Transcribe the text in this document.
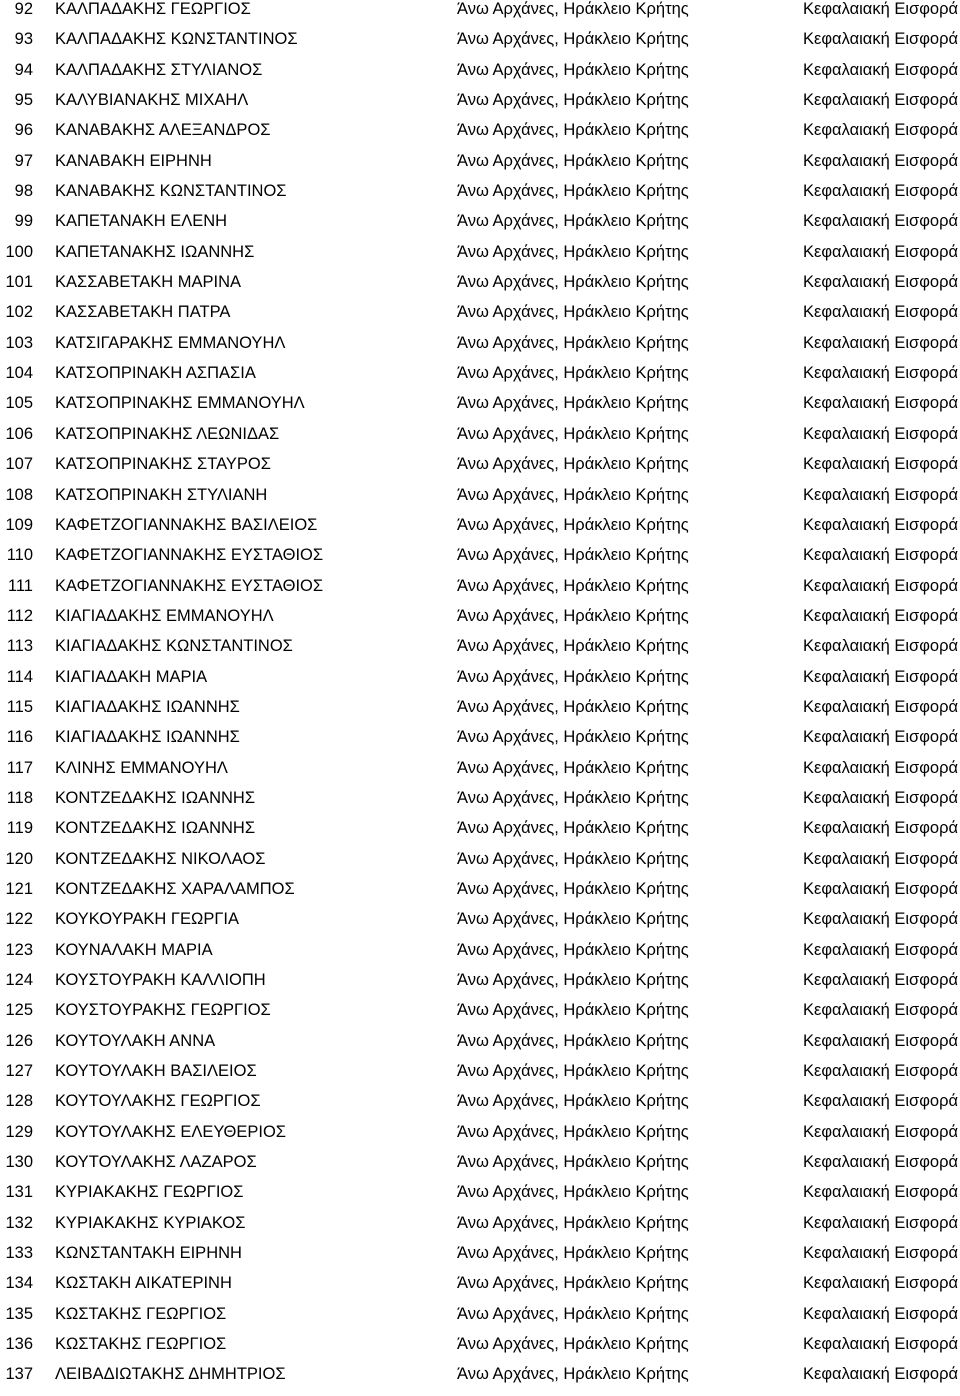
92 ΚΑΛΠΑΔΑΚΗΣ ΓΕΩΡΓΙΟΣ	Άνω Αρχάνες, Ηράκλειο Κρήτης	Κεφαλαιακή Εισφορά
93 ΚΑΛΠΑΔΑΚΗΣ ΚΩΝΣΤΑΝΤΙΝΟΣ	Άνω Αρχάνες, Ηράκλειο Κρήτης	Κεφαλαιακή Εισφορά
94 ΚΑΛΠΑΔΑΚΗΣ ΣΤΥΛΙΑΝΟΣ	Άνω Αρχάνες, Ηράκλειο Κρήτης	Κεφαλαιακή Εισφορά
95 ΚΑΛΥΒΙΑΝΑΚΗΣ ΜΙΧΑΗΛ	Άνω Αρχάνες, Ηράκλειο Κρήτης	Κεφαλαιακή Εισφορά
96 ΚΑΝΑΒΑΚΗΣ ΑΛΕΞΑΝΔΡΟΣ	Άνω Αρχάνες, Ηράκλειο Κρήτης	Κεφαλαιακή Εισφορά
97 ΚΑΝΑΒΑΚΗ ΕΙΡΗΝΗ	Άνω Αρχάνες, Ηράκλειο Κρήτης	Κεφαλαιακή Εισφορά
98 ΚΑΝΑΒΑΚΗΣ ΚΩΝΣΤΑΝΤΙΝΟΣ	Άνω Αρχάνες, Ηράκλειο Κρήτης	Κεφαλαιακή Εισφορά
99 ΚΑΠΕΤΑΝΑΚΗ ΕΛΕΝΗ	Άνω Αρχάνες, Ηράκλειο Κρήτης	Κεφαλαιακή Εισφορά
100 ΚΑΠΕΤΑΝΑΚΗΣ ΙΩΑΝΝΗΣ	Άνω Αρχάνες, Ηράκλειο Κρήτης	Κεφαλαιακή Εισφορά
101 ΚΑΣΣΑΒΕΤΑΚΗ ΜΑΡΙΝΑ	Άνω Αρχάνες, Ηράκλειο Κρήτης	Κεφαλαιακή Εισφορά
102 ΚΑΣΣΑΒΕΤΑΚΗ ΠΑΤΡΑ	Άνω Αρχάνες, Ηράκλειο Κρήτης	Κεφαλαιακή Εισφορά
103 ΚΑΤΣΙΓΑΡΑΚΗΣ ΕΜΜΑΝΟΥΗΛ	Άνω Αρχάνες, Ηράκλειο Κρήτης	Κεφαλαιακή Εισφορά
104 ΚΑΤΣΟΠΡΙΝΑΚΗ ΑΣΠΑΣΙΑ	Άνω Αρχάνες, Ηράκλειο Κρήτης	Κεφαλαιακή Εισφορά
105 ΚΑΤΣΟΠΡΙΝΑΚΗΣ ΕΜΜΑΝΟΥΗΛ	Άνω Αρχάνες, Ηράκλειο Κρήτης	Κεφαλαιακή Εισφορά
106 ΚΑΤΣΟΠΡΙΝΑΚΗΣ ΛΕΩΝΙΔΑΣ	Άνω Αρχάνες, Ηράκλειο Κρήτης	Κεφαλαιακή Εισφορά
107 ΚΑΤΣΟΠΡΙΝΑΚΗΣ ΣΤΑΥΡΟΣ	Άνω Αρχάνες, Ηράκλειο Κρήτης	Κεφαλαιακή Εισφορά
108 ΚΑΤΣΟΠΡΙΝΑΚΗ ΣΤΥΛΙΑΝΗ	Άνω Αρχάνες, Ηράκλειο Κρήτης	Κεφαλαιακή Εισφορά
109 ΚΑΦΕΤΖΟΓΙΑΝΝΑΚΗΣ ΒΑΣΙΛΕΙΟΣ	Άνω Αρχάνες, Ηράκλειο Κρήτης	Κεφαλαιακή Εισφορά
110 ΚΑΦΕΤΖΟΓΙΑΝΝΑΚΗΣ ΕΥΣΤΑΘΙΟΣ	Άνω Αρχάνες, Ηράκλειο Κρήτης	Κεφαλαιακή Εισφορά
111 ΚΑΦΕΤΖΟΓΙΑΝΝΑΚΗΣ ΕΥΣΤΑΘΙΟΣ	Άνω Αρχάνες, Ηράκλειο Κρήτης	Κεφαλαιακή Εισφορά
112 ΚΙΑΓΙΑΔΑΚΗΣ ΕΜΜΑΝΟΥΗΛ	Άνω Αρχάνες, Ηράκλειο Κρήτης	Κεφαλαιακή Εισφορά
113 ΚΙΑΓΙΑΔΑΚΗΣ ΚΩΝΣΤΑΝΤΙΝΟΣ	Άνω Αρχάνες, Ηράκλειο Κρήτης	Κεφαλαιακή Εισφορά
114 ΚΙΑΓΙΑΔΑΚΗ ΜΑΡΙΑ	Άνω Αρχάνες, Ηράκλειο Κρήτης	Κεφαλαιακή Εισφορά
115 ΚΙΑΓΙΑΔΑΚΗΣ ΙΩΑΝΝΗΣ	Άνω Αρχάνες, Ηράκλειο Κρήτης	Κεφαλαιακή Εισφορά
116 ΚΙΑΓΙΑΔΑΚΗΣ ΙΩΑΝΝΗΣ	Άνω Αρχάνες, Ηράκλειο Κρήτης	Κεφαλαιακή Εισφορά
117 ΚΛΙΝΗΣ ΕΜΜΑΝΟΥΗΛ	Άνω Αρχάνες, Ηράκλειο Κρήτης	Κεφαλαιακή Εισφορά
118 ΚΟΝΤΖΕΔΑΚΗΣ ΙΩΑΝΝΗΣ	Άνω Αρχάνες, Ηράκλειο Κρήτης	Κεφαλαιακή Εισφορά
119 ΚΟΝΤΖΕΔΑΚΗΣ ΙΩΑΝΝΗΣ	Άνω Αρχάνες, Ηράκλειο Κρήτης	Κεφαλαιακή Εισφορά
120 ΚΟΝΤΖΕΔΑΚΗΣ ΝΙΚΟΛΑΟΣ	Άνω Αρχάνες, Ηράκλειο Κρήτης	Κεφαλαιακή Εισφορά
121 ΚΟΝΤΖΕΔΑΚΗΣ ΧΑΡΑΛΑΜΠΟΣ	Άνω Αρχάνες, Ηράκλειο Κρήτης	Κεφαλαιακή Εισφορά
122 ΚΟΥΚΟΥΡΑΚΗ ΓΕΩΡΓΙΑ	Άνω Αρχάνες, Ηράκλειο Κρήτης	Κεφαλαιακή Εισφορά
123 ΚΟΥΝΑΛΑΚΗ ΜΑΡΙΑ	Άνω Αρχάνες, Ηράκλειο Κρήτης	Κεφαλαιακή Εισφορά
124 ΚΟΥΣΤΟΥΡΑΚΗ ΚΑΛΛΙΟΠΗ	Άνω Αρχάνες, Ηράκλειο Κρήτης	Κεφαλαιακή Εισφορά
125 ΚΟΥΣΤΟΥΡΑΚΗΣ ΓΕΩΡΓΙΟΣ	Άνω Αρχάνες, Ηράκλειο Κρήτης	Κεφαλαιακή Εισφορά
126 ΚΟΥΤΟΥΛΑΚΗ ΑΝΝΑ	Άνω Αρχάνες, Ηράκλειο Κρήτης	Κεφαλαιακή Εισφορά
127 ΚΟΥΤΟΥΛΑΚΗ ΒΑΣΙΛΕΙΟΣ	Άνω Αρχάνες, Ηράκλειο Κρήτης	Κεφαλαιακή Εισφορά
128 ΚΟΥΤΟΥΛΑΚΗΣ ΓΕΩΡΓΙΟΣ	Άνω Αρχάνες, Ηράκλειο Κρήτης	Κεφαλαιακή Εισφορά
129 ΚΟΥΤΟΥΛΑΚΗΣ ΕΛΕΥΘΕΡΙΟΣ	Άνω Αρχάνες, Ηράκλειο Κρήτης	Κεφαλαιακή Εισφορά
130 ΚΟΥΤΟΥΛΑΚΗΣ ΛΑΖΑΡΟΣ	Άνω Αρχάνες, Ηράκλειο Κρήτης	Κεφαλαιακή Εισφορά
131 ΚΥΡΙΑΚΑΚΗΣ ΓΕΩΡΓΙΟΣ	Άνω Αρχάνες, Ηράκλειο Κρήτης	Κεφαλαιακή Εισφορά
132 ΚΥΡΙΑΚΑΚΗΣ ΚΥΡΙΑΚΟΣ	Άνω Αρχάνες, Ηράκλειο Κρήτης	Κεφαλαιακή Εισφορά
133 ΚΩΝΣΤΑΝΤΑΚΗ ΕΙΡΗΝΗ	Άνω Αρχάνες, Ηράκλειο Κρήτης	Κεφαλαιακή Εισφορά
134 ΚΩΣΤΑΚΗ ΑΙΚΑΤΕΡΙΝΗ	Άνω Αρχάνες, Ηράκλειο Κρήτης	Κεφαλαιακή Εισφορά
135 ΚΩΣΤΑΚΗΣ ΓΕΩΡΓΙΟΣ	Άνω Αρχάνες, Ηράκλειο Κρήτης	Κεφαλαιακή Εισφορά
136 ΚΩΣΤΑΚΗΣ ΓΕΩΡΓΙΟΣ	Άνω Αρχάνες, Ηράκλειο Κρήτης	Κεφαλαιακή Εισφορά
137 ΛΕΙΒΑΔΙΩΤΑΚΗΣ ΔΗΜΗΤΡΙΟΣ	Άνω Αρχάνες, Ηράκλειο Κρήτης	Κεφαλαιακή Εισφορά
